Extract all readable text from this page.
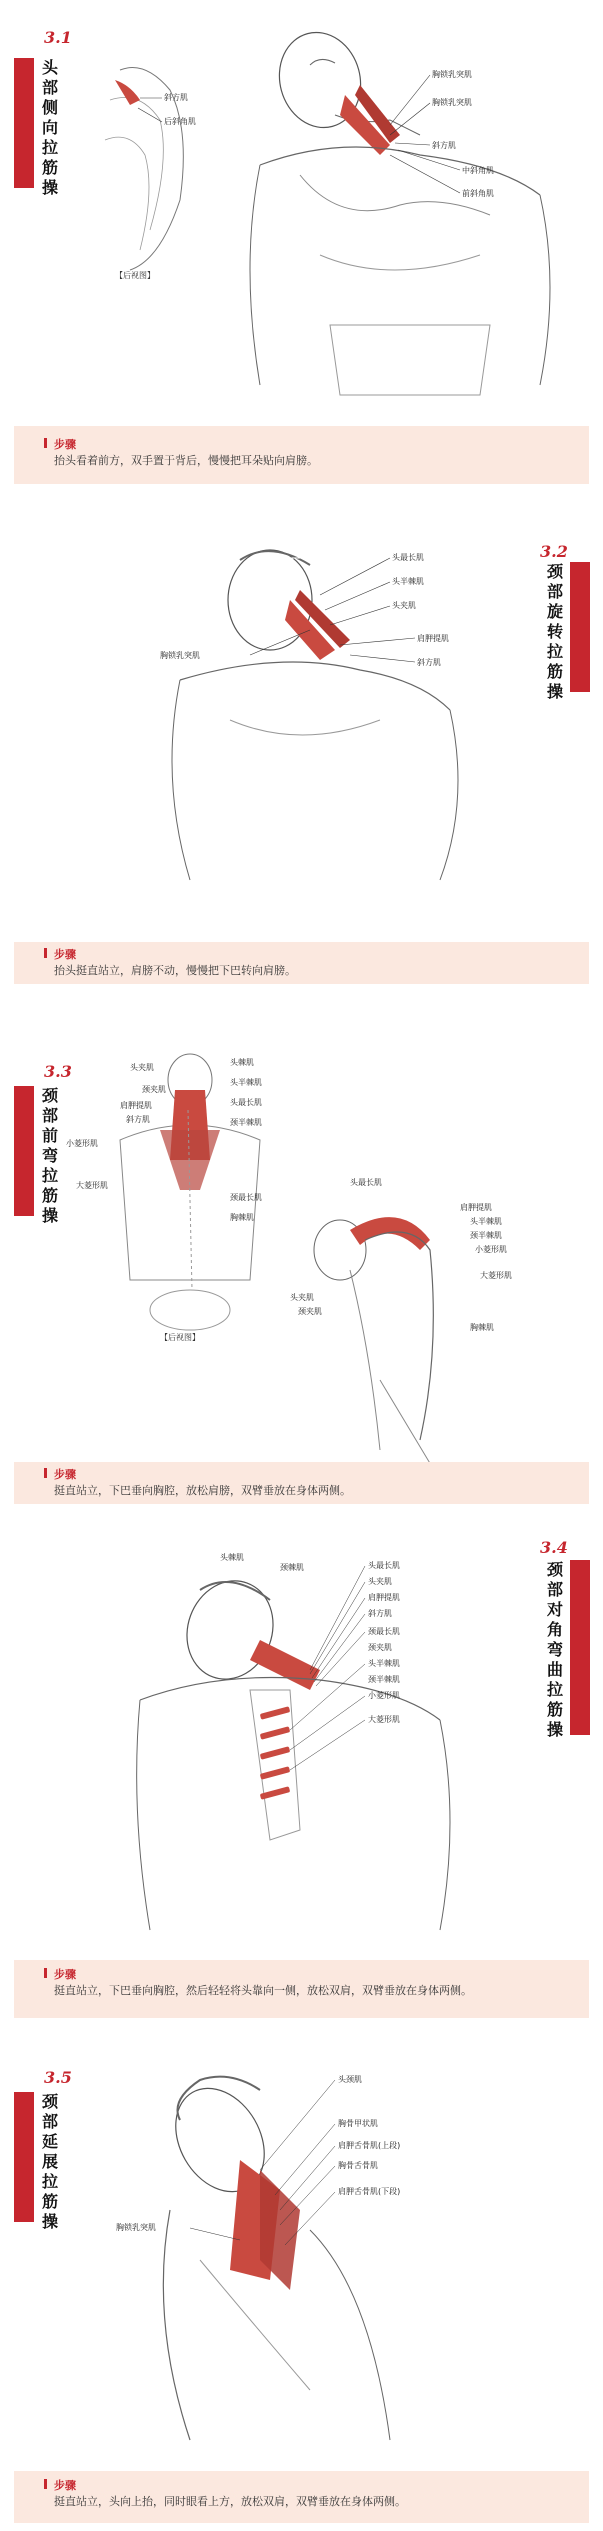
3.1
头部侧向拉筋操
斜方肌
后斜角肌
【后视图】
胸锁乳突肌
胸锁乳突肌
斜方肌
中斜角肌
前斜角肌
步骤
抬头看着前方，双手置于背后，慢慢把耳朵贴向肩膀。
3.2
颈部旋转拉筋操
头最长肌
头半棘肌
头夹肌
胸锁乳突肌
肩胛提肌
斜方肌
步骤
抬头挺直站立，肩膀不动，慢慢把下巴转向肩膀。
3.3
颈部前弯拉筋操
头夹肌
颈夹肌
肩胛提肌
斜方肌
小菱形肌
大菱形肌
头棘肌
头半棘肌
头最长肌
颈半棘肌
颈最长肌
胸棘肌
【后视图】
头最长肌
肩胛提肌
头半棘肌
颈半棘肌
小菱形肌
大菱形肌
头夹肌
颈夹肌
胸棘肌
步骤
挺直站立，下巴垂向胸腔，放松肩膀，双臂垂放在身体两侧。
3.4
颈部对角弯曲拉筋操
头棘肌
颈棘肌	头最长肌
头夹肌
肩胛提肌
斜方肌
颈最长肌
颈夹肌
头半棘肌
颈半棘肌
小菱形肌
大菱形肌
步骤
挺直站立，下巴垂向胸腔，然后轻轻将头靠向一侧，放松双肩，双臂垂放在身体两侧。
3.5
颈部延展拉筋操
头颈肌
胸骨甲状肌
肩胛舌骨肌(上段)
胸骨舌骨肌
胸锁乳突肌
肩胛舌骨肌(下段)
步骤
挺直站立，头向上抬，同时眼看上方，放松双肩，双臂垂放在身体两侧。
